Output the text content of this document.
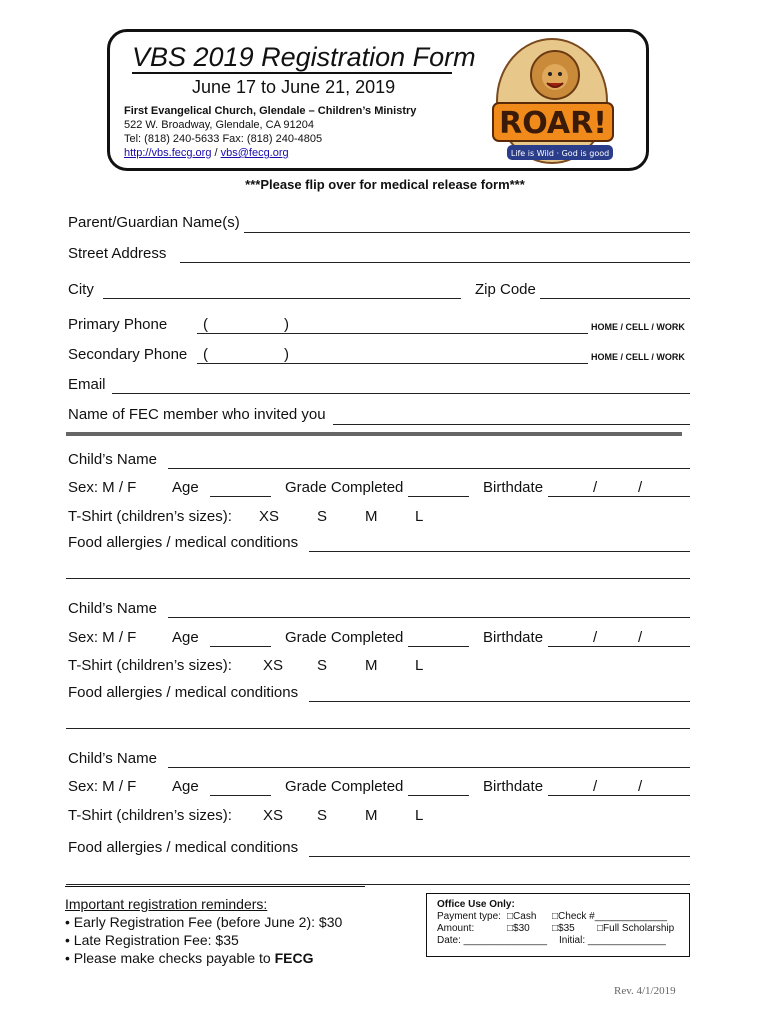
VBS 2019 Registration Form
June 17 to June 21, 2019
First Evangelical Church, Glendale – Children’s Ministry
522 W. Broadway, Glendale, CA 91204
Tel: (818) 240-5633 Fax: (818) 240-4805
http://vbs.fecg.org / vbs@fecg.org
ROAR!
Life is Wild · God is good
***Please flip over for medical release form***
Parent/Guardian Name(s)
Street Address
City	Zip Code
Primary Phone (	)	HOME / CELL / WORK
Secondary Phone (	)	HOME / CELL / WORK
Email
Name of FEC member who invited you
Child’s Name
Sex: M / F Age	Grade Completed	Birthdate	/	/
T-Shirt (children’s sizes): XS	S	M	L
Food allergies / medical conditions
Child’s Name
Sex: M / F Age	Grade Completed	Birthdate	/	/
T-Shirt (children’s sizes): XS S	M	L
Food allergies / medical conditions
Child’s Name
Sex: M / F Age	Grade Completed	Birthdate	/	/
T-Shirt (children’s sizes): XS S	M	L
Food allergies / medical conditions
Important registration reminders:
• Early Registration Fee (before June 2): $30
• Late Registration Fee: $35
• Please make checks payable to FECG
Office Use Only:
Payment type: □Cash □Check #_____________
Amount:	□$30 □$35 □Full Scholarship
Date: _______________ Initial: ______________
Rev. 4/1/2019
